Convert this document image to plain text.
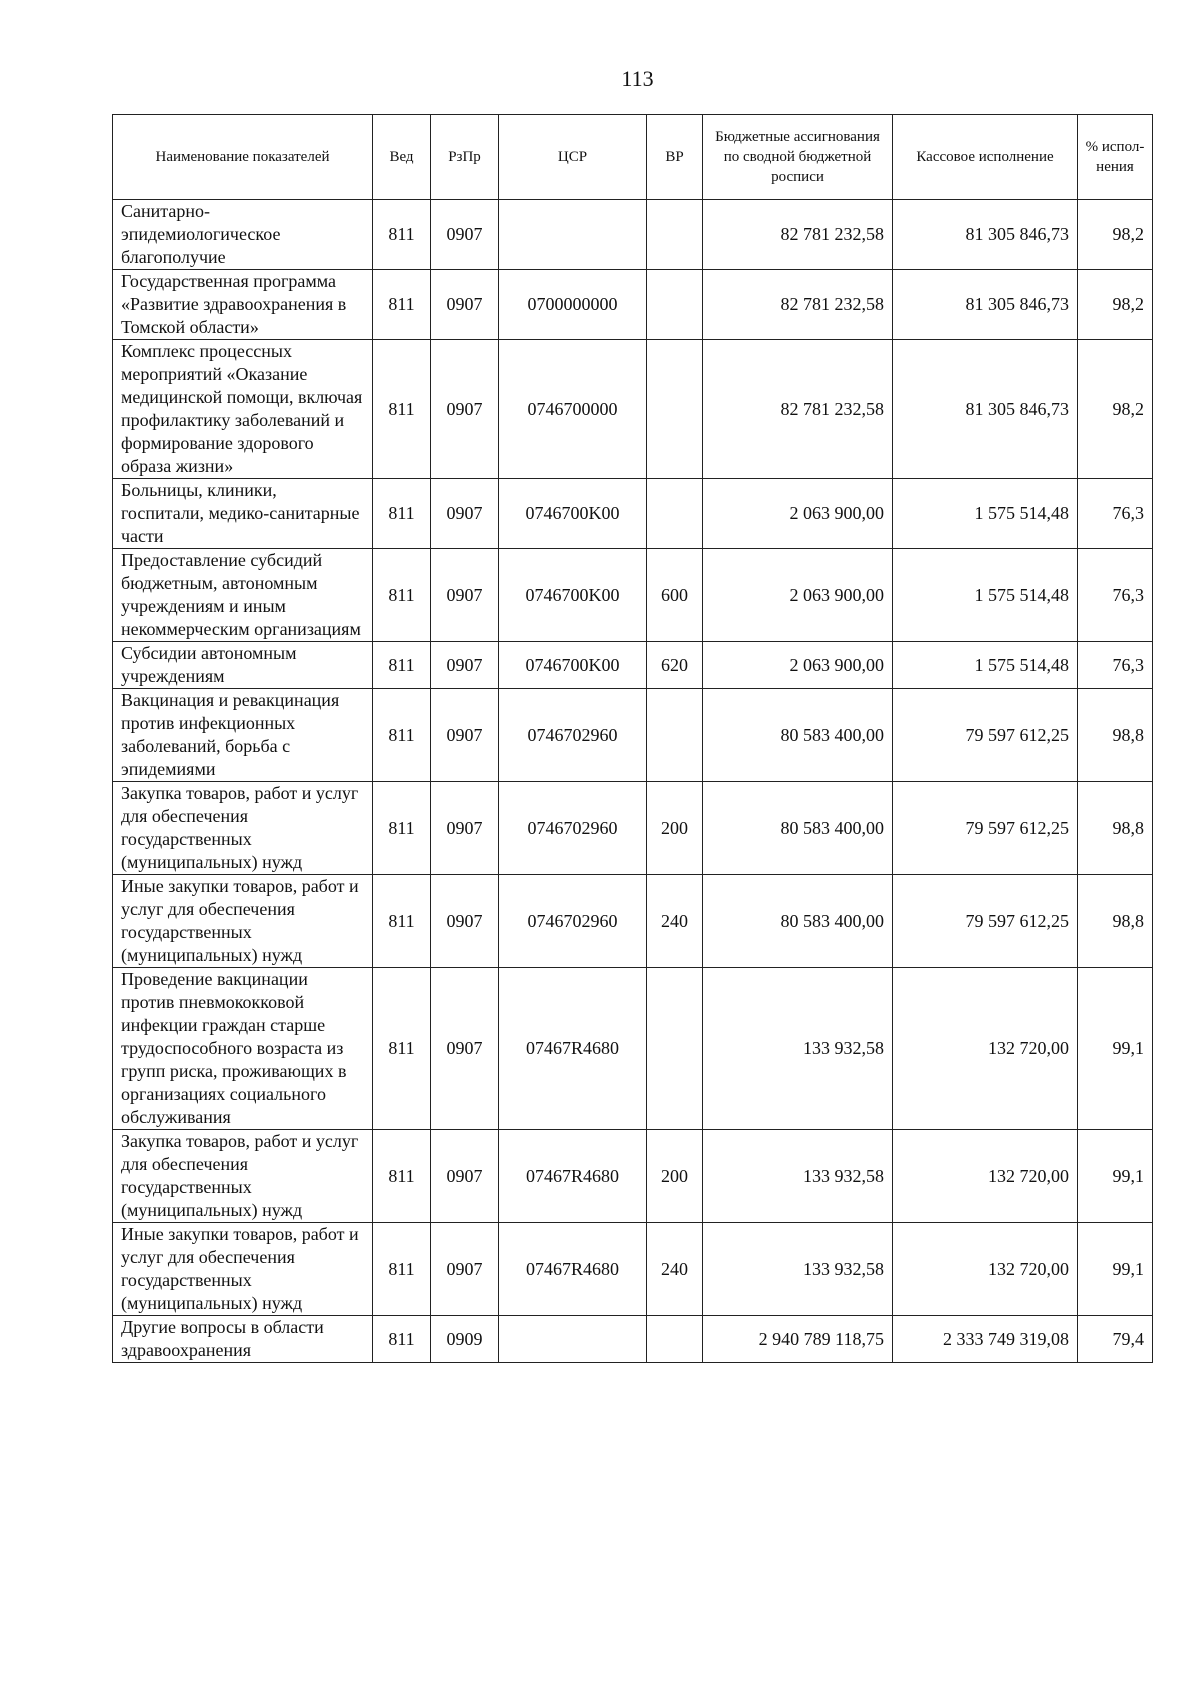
113
Наименование показателей	Вед	РзПр	ЦСР	ВР	Бюджетные ассигнования по сводной бюджетной росписи	Кассовое исполнение	% испол-нения
Санитарно-эпидемиологическое благополучие	811	0907			82 781 232,58	81 305 846,73	98,2
Государственная программа «Развитие здравоохранения в Томской области»	811	0907	0700000000		82 781 232,58	81 305 846,73	98,2
Комплекс процессных мероприятий «Оказание медицинской помощи, включая профилактику заболеваний и формирование здорового образа жизни»	811	0907	0746700000		82 781 232,58	81 305 846,73	98,2
Больницы, клиники, госпитали, медико-санитарные части	811	0907	0746700K00		2 063 900,00	1 575 514,48	76,3
Предоставление субсидий бюджетным, автономным учреждениям и иным некоммерческим организациям	811	0907	0746700K00	600	2 063 900,00	1 575 514,48	76,3
Субсидии автономным учреждениям	811	0907	0746700K00	620	2 063 900,00	1 575 514,48	76,3
Вакцинация и ревакцинация против инфекционных заболеваний, борьба с эпидемиями	811	0907	0746702960		80 583 400,00	79 597 612,25	98,8
Закупка товаров, работ и услуг для обеспечения государственных (муниципальных) нужд	811	0907	0746702960	200	80 583 400,00	79 597 612,25	98,8
Иные закупки товаров, работ и услуг для обеспечения государственных (муниципальных) нужд	811	0907	0746702960	240	80 583 400,00	79 597 612,25	98,8
Проведение вакцинации против пневмококковой инфекции граждан старше трудоспособного возраста из групп риска, проживающих в организациях социального обслуживания	811	0907	07467R4680		133 932,58	132 720,00	99,1
Закупка товаров, работ и услуг для обеспечения государственных (муниципальных) нужд	811	0907	07467R4680	200	133 932,58	132 720,00	99,1
Иные закупки товаров, работ и услуг для обеспечения государственных (муниципальных) нужд	811	0907	07467R4680	240	133 932,58	132 720,00	99,1
Другие вопросы в области здравоохранения	811	0909			2 940 789 118,75	2 333 749 319,08	79,4
